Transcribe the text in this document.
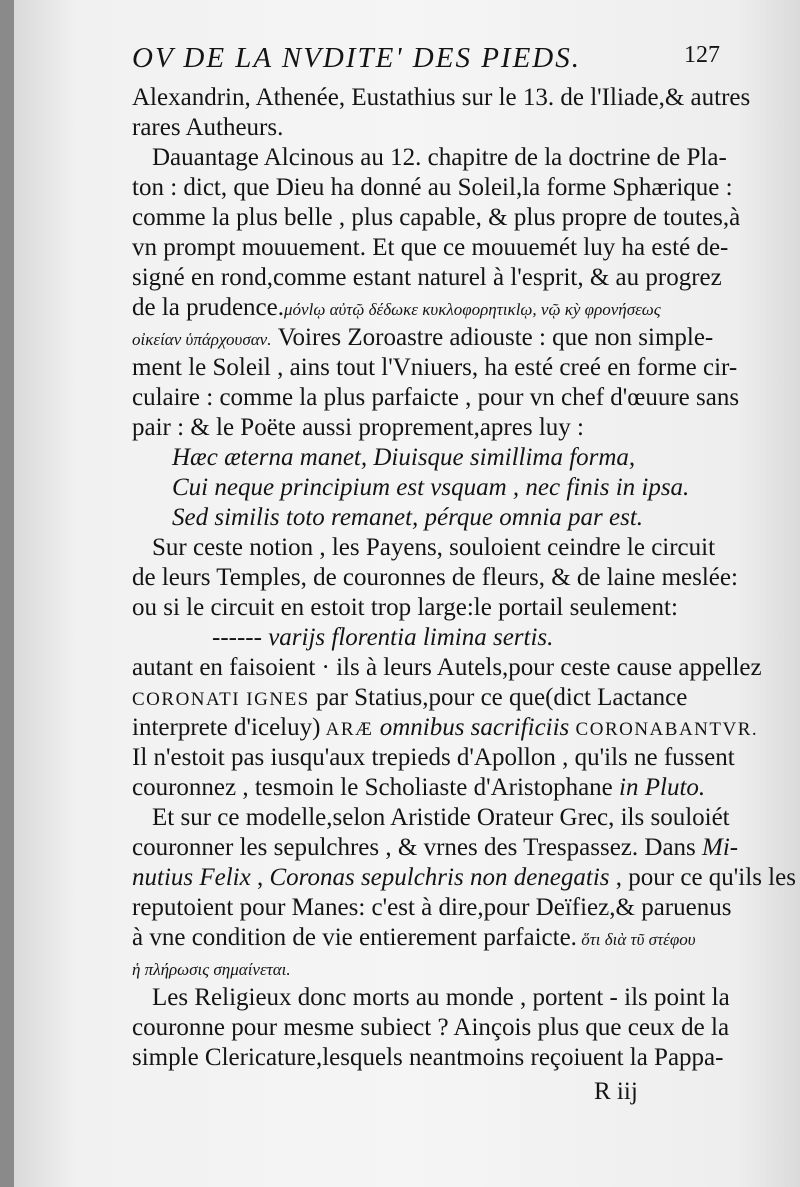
OV DE LA NVDITE' DES PIEDS.	127
Alexandrin, Athenée, Eustathius sur le 13. de l'Iliade,& autres
rares Autheurs.
Dauantage Alcinous au 12. chapitre de la doctrine de Pla-
ton : dict, que Dieu ha donné au Soleil,la forme Sphærique :
comme la plus belle , plus capable, & plus propre de toutes,à
vn prompt mouuement. Et que ce mouuemét luy ha esté de-
signé en rond,comme estant naturel à l'esprit, & au progrez
de la prudence.μόνlῳ αὐτῷ δέδωκε κυκλοφορητικlῳ, νῷ κỳ φρονήσεως
οἰκείαν ὑπάρχουσαν. Voires Zoroastre adiouste : que non simple-
ment le Soleil , ains tout l'Vniuers, ha esté creé en forme cir-
culaire : comme la plus parfaicte , pour vn chef d'œuure sans
pair : & le Poëte aussi proprement,apres luy :
Hæc æterna manet, Diuisque simillima forma,
Cui neque principium est vsquam , nec finis in ipsa.
Sed similis toto remanet, pérque omnia par est.
Sur ceste notion , les Payens, souloient ceindre le circuit
de leurs Temples, de couronnes de fleurs, & de laine meslée:
ou si le circuit en estoit trop large:le portail seulement:
------ varijs florentia limina sertis.
autant en faisoient · ils à leurs Autels,pour ceste cause appellez
CORONATI IGNES par Statius,pour ce que(dict Lactance
interprete d'iceluy) ARÆ omnibus sacrificiis CORONABANTVR.
Il n'estoit pas iusqu'aux trepieds d'Apollon , qu'ils ne fussent
couronnez , tesmoin le Scholiaste d'Aristophane in Pluto.
Et sur ce modelle,selon Aristide Orateur Grec, ils souloiét
couronner les sepulchres , & vrnes des Trespassez. Dans Mi-
nutius Felix , Coronas sepulchris non denegatis , pour ce qu'ils les
reputoient pour Manes: c'est à dire,pour Deïfiez,& paruenus
à vne condition de vie entierement parfaicte. ὅτι διὰ τῦ στέφου
ἡ πλήρωσις σημαίνεται.
Les Religieux donc morts au monde , portent - ils point la
couronne pour mesme subiect ? Ainçois plus que ceux de la
simple Clericature,lesquels neantmoins reçoiuent la Pappa-
R iij
